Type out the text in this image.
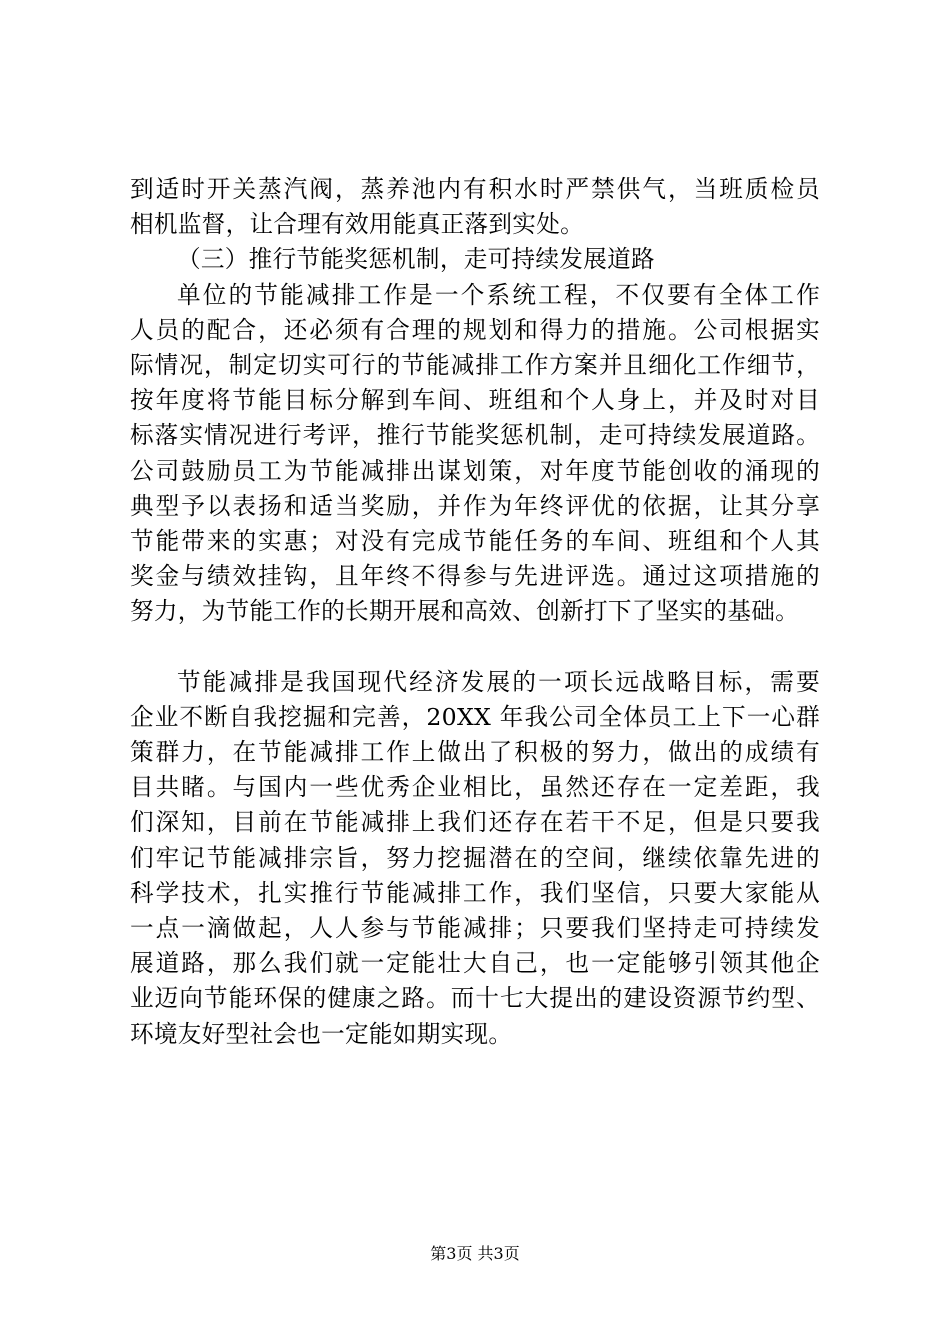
到适时开关蒸汽阀，蒸养池内有积水时严禁供气，当班质检员
相机监督，让合理有效用能真正落到实处。
（三）推行节能奖惩机制，走可持续发展道路
单位的节能减排工作是一个系统工程，不仅要有全体工作
人员的配合，还必须有合理的规划和得力的措施。公司根据实
际情况，制定切实可行的节能减排工作方案并且细化工作细节，
按年度将节能目标分解到车间、班组和个人身上，并及时对目
标落实情况进行考评，推行节能奖惩机制，走可持续发展道路。
公司鼓励员工为节能减排出谋划策，对年度节能创收的涌现的
典型予以表扬和适当奖励，并作为年终评优的依据，让其分享
节能带来的实惠；对没有完成节能任务的车间、班组和个人其
奖金与绩效挂钩，且年终不得参与先进评选。通过这项措施的
努力，为节能工作的长期开展和高效、创新打下了坚实的基础。
节能减排是我国现代经济发展的一项长远战略目标，需要
企业不断自我挖掘和完善，20XX 年我公司全体员工上下一心群
策群力，在节能减排工作上做出了积极的努力，做出的成绩有
目共睹。与国内一些优秀企业相比，虽然还存在一定差距，我
们深知，目前在节能减排上我们还存在若干不足，但是只要我
们牢记节能减排宗旨，努力挖掘潜在的空间，继续依靠先进的
科学技术，扎实推行节能减排工作，我们坚信，只要大家能从
一点一滴做起，人人参与节能减排；只要我们坚持走可持续发
展道路，那么我们就一定能壮大自己，也一定能够引领其他企
业迈向节能环保的健康之路。而十七大提出的建设资源节约型、
环境友好型社会也一定能如期实现。
第3页 共3页
